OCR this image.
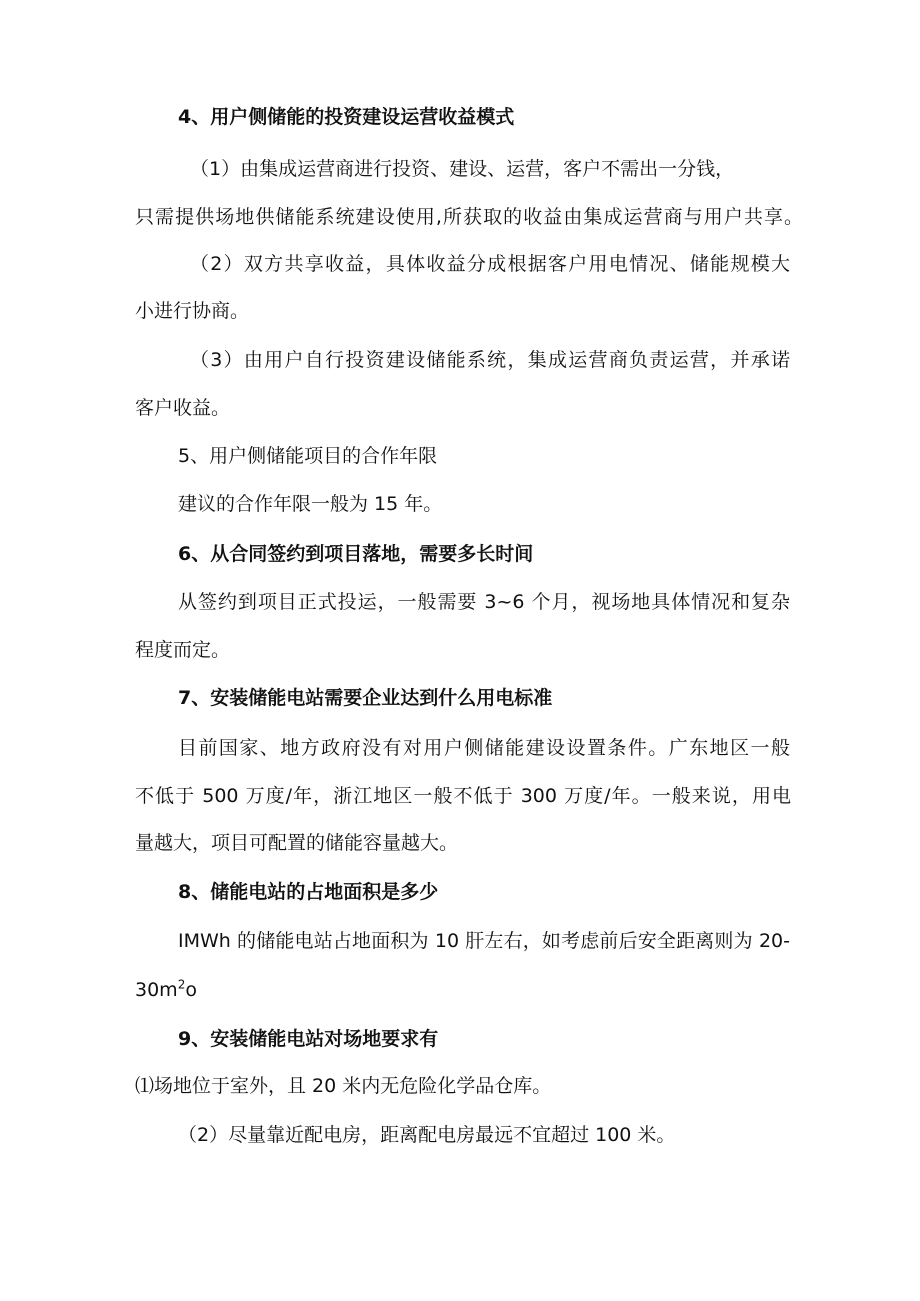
4、用户侧储能的投资建设运营收益模式
（1）由集成运营商进行投资、建设、运营，客户不需出一分钱，
只需提供场地供储能系统建设使用,所获取的收益由集成运营商与用户共享。
（2）双方共享收益，具体收益分成根据客户用电情况、储能规模大
小进行协商。
（3）由用户自行投资建设储能系统，集成运营商负责运营，并承诺
客户收益。
5、用户侧储能项目的合作年限
建议的合作年限一般为 15 年。
6、从合同签约到项目落地，需要多长时间
从签约到项目正式投运，一般需要 3~6 个月，视场地具体情况和复杂
程度而定。
7、安装储能电站需要企业达到什么用电标准
目前国家、地方政府没有对用户侧储能建设设置条件。广东地区一般
不低于 500 万度/年，浙江地区一般不低于 300 万度/年。一般来说，用电
量越大，项目可配置的储能容量越大。
8、储能电站的占地面积是多少
IMWh 的储能电站占地面积为 10 肝左右，如考虑前后安全距离则为 20-
$30m^2o$
9、安装储能电站对场地要求有
⑴场地位于室外，且 20 米内无危险化学品仓库。
（2）尽量靠近配电房，距离配电房最远不宜超过 100 米。
